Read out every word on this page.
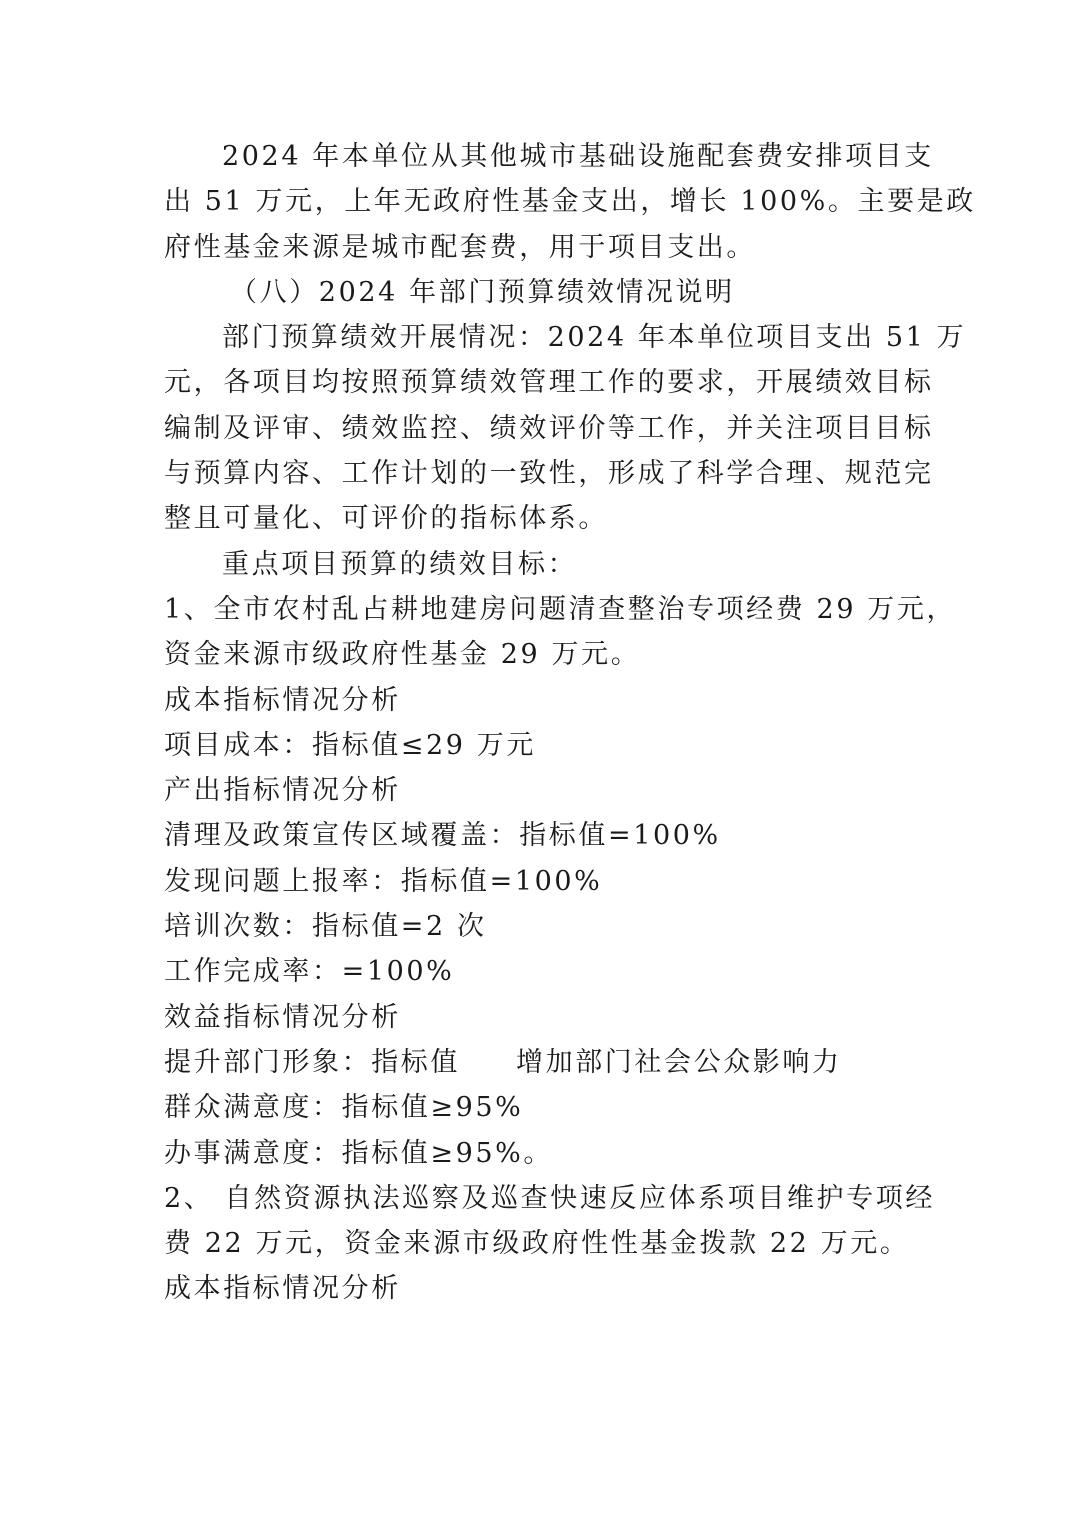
2024 年本单位从其他城市基础设施配套费安排项目支
出 51 万元，上年无政府性基金支出，增长 100%。主要是政
府性基金来源是城市配套费，用于项目支出。
（八）2024 年部门预算绩效情况说明
部门预算绩效开展情况：2024 年本单位项目支出 51 万
元，各项目均按照预算绩效管理工作的要求，开展绩效目标
编制及评审、绩效监控、绩效评价等工作，并关注项目目标
与预算内容、工作计划的一致性，形成了科学合理、规范完
整且可量化、可评价的指标体系。
重点项目预算的绩效目标：
1、全市农村乱占耕地建房问题清查整治专项经费 29 万元，
资金来源市级政府性基金 29 万元。
成本指标情况分析
项目成本：指标值≤29 万元
产出指标情况分析
清理及政策宣传区域覆盖：指标值=100%
发现问题上报率：指标值=100%
培训次数：指标值=2 次
工作完成率：=100%
效益指标情况分析
提升部门形象：指标值 增加部门社会公众影响力
群众满意度：指标值≥95%
办事满意度：指标值≥95%。
2、 自然资源执法巡察及巡查快速反应体系项目维护专项经
费 22 万元，资金来源市级政府性性基金拨款 22 万元。
成本指标情况分析
